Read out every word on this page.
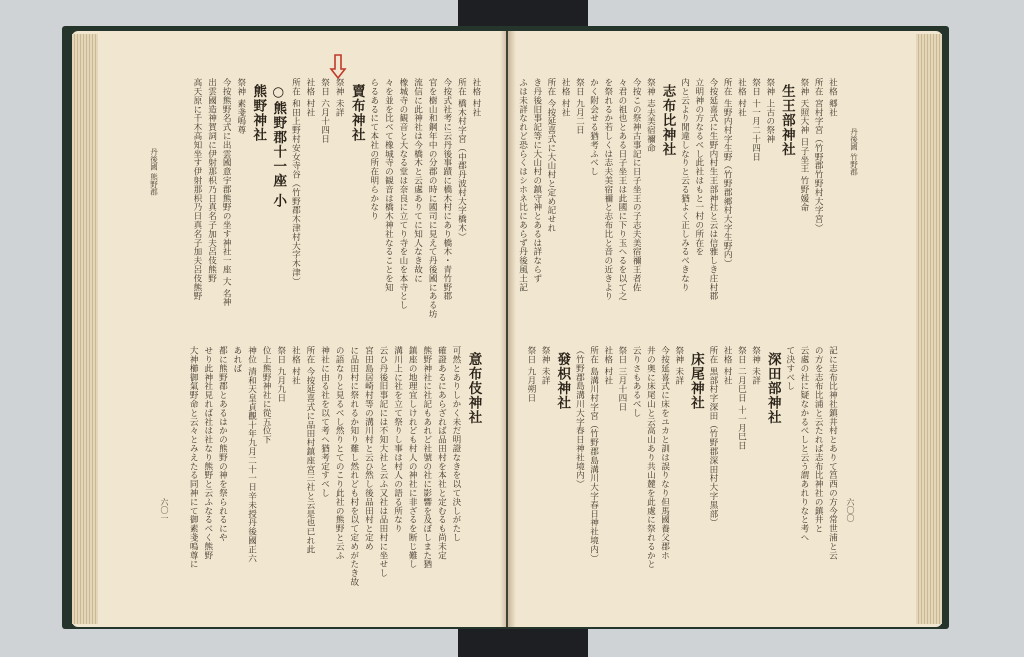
丹後國 竹野郡
丹後國 熊野郡
六〇〇
六〇一
社格 郷社
所在 宮村字宮（竹野郡竹野村大字宮）
祭神 天照大神 日子坐王 竹野媛命
生王部神社
祭神 上古の祭神
祭日 十一月二十四日
社格 村社
所在 生野内村字生野（竹野郡郷村大字生野内）
今按延喜式に生野内村生王部神社と云は信雅しき庄村郡
立明神の方なるべし此社はもと一村の所在を
内と云より閒違しなりと云る猶よく正しみるべきなり
志布比神社
祭神 志夫美宿禰命
今按この祭神古事記に日子坐王の子志夫美宿禰王者佐
々君の祖也とある日子坐王は此國に下り玉へるを以て之
を祭れるか若しくは志夫美宿禰と志布比と音の近きより
かく附会せる猶考ふべし
祭日 九月二日
社格 村社
所在 今按延喜式に大山村と定め記せれ
き丹後旧事記等に大山村の鎮守神とあるは詳ならず
ふは未詳なれど恐らくはシホネ比にあらず丹後風土記
記に志布比神社鎮井村とありて筥西の方今常世浦と云
の方を志布比浦と云たれば志布比神社の鎮井と
云處の社に疑なかるべしと云う謂あれりなと考へ
て決すべし
深田部神社
祭神 未詳
祭日 二月巳日 十一月巳日
社格 村社
所在 黒部村字深田（竹野郡深田村大字黒部）
床尾神社
祭神 未詳
今按延喜式に床をユカと訓は誤りなり但馬國養父郡ホ
井の奥に床尾山と云高山あり共山麓を此處に祭れるかと
云りさもあるべし
祭日 三月十四日
社格 村社
所在 島溝川村字宮（竹野郡島溝川大字春日神社境内）
（竹野郡島溝川大字春日神社境内）
發枳神社
祭神 未詳
祭日 九月朔日
社格 村社
所在 橋木村字宮（中郡丹波村大字橋木）
今按式社考に云丹後事蹟に橋木村にあり橋木・青竹野郡
官を樹山和鋼年中の分郡の時に國司に見えて丹後國にある坊
流信に此神社は今橋木と云處ありてに知人なき故に
橡城寺の観音と大なる堂は奈良に立てり寺を山を本寺とし
々を並を比べて橡城寺の観音は橋木神社なることを知
らるあるにて本社の所在明らかなり
賣布神社
祭神 未詳
祭日 六月十四日
社格 村社
所在 和田上野村安女寺谷（竹野郡木津村大字木津）
○熊野郡十一座 小
熊野神社
祭神 素戔嗚尊
今按熊野名式に出雲國意宇郡熊野の坐す神社一座 大 名神
出雲國造神賀詞に伊射那枳乃日真名子加夫呂伎熊野
高天原に千木高知坐す伊射那枳乃日真名子加夫呂伎熊野
意布伎神社
可然とありしかく未だ明證なきを以て決しがたし
確證あるにあらざれば品田村を本社と定むるも尚未定
熊野神社に社記もあれど社號の社に影響を及ぼしまた猶
鎮座の地理宜しけれども村人の神社に非ざるを断じ難し
溝川上に社を立て祭りし事は村人の語る所なり
云ひ丹後旧事記には不知大社と云ふ又社は品田村に坐せし
宮田島居崎村等の溝川村と云ひ然し後品田村と定め
に品田村に祭れるか知り難し然れども村を以て定めがたき故
の語なりと見るべし然りとてのこり此社の熊野と云ふ
神社に由る社を以て考へ猶考定すべし
所在 今按延喜式に品田村鎮座宮三社と云是也已れ此
社格 村社
祭日 九月九日
位上熊野神社に從五位下
神位 清和天皇貞觀十年九月二十一日辛未授丹後國正六
あれば
都に熊野郡とあるはかの熊野の神を祭られるにや
せり此神社見れば社は社なり熊野と云ふなるべく熊野
大神櫛御氣野命と云々とみえたる同神にて御素戔嗚尊に
